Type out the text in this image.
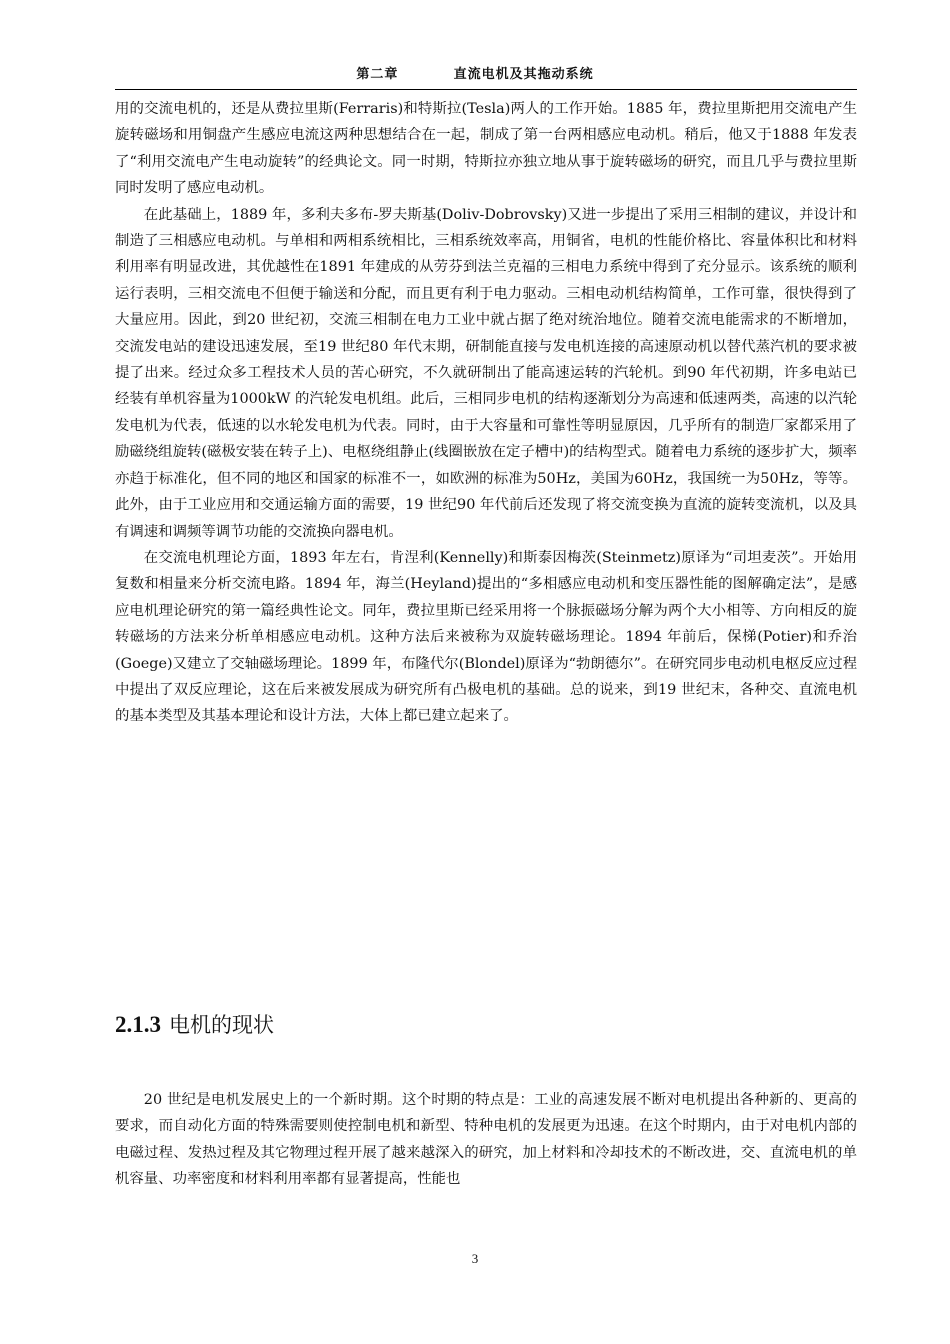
第二章          直流电机及其拖动系统

用的交流电机的，还是从费拉里斯(Ferraris)和特斯拉(Tesla)两人的工作开始。1885 年，费拉里斯把用交流电产生旋转磁场和用铜盘产生感应电流这两种思想结合在一起，制成了第一台两相感应电动机。稍后，他又于1888 年发表了“利用交流电产生电动旋转”的经典论文。同一时期，特斯拉亦独立地从事于旋转磁场的研究，而且几乎与费拉里斯同时发明了感应电动机。

在此基础上，1889 年，多利夫多布-罗夫斯基(Doliv-Dobrovsky)又进一步提出了采用三相制的建议，并设计和制造了三相感应电动机。与单相和两相系统相比，三相系统效率高，用铜省，电机的性能价格比、容量体积比和材料利用率有明显改进，其优越性在1891 年建成的从劳芬到法兰克福的三相电力系统中得到了充分显示。该系统的顺利运行表明，三相交流电不但便于输送和分配，而且更有利于电力驱动。三相电动机结构简单，工作可靠，很快得到了大量应用。因此，到20 世纪初，交流三相制在电力工业中就占据了绝对统治地位。随着交流电能需求的不断增加，交流发电站的建设迅速发展，至19 世纪80 年代末期，研制能直接与发电机连接的高速原动机以替代蒸汽机的要求被提了出来。经过众多工程技术人员的苦心研究，不久就研制出了能高速运转的汽轮机。到90 年代初期，许多电站已经装有单机容量为1000kW 的汽轮发电机组。此后，三相同步电机的结构逐渐划分为高速和低速两类，高速的以汽轮发电机为代表，低速的以水轮发电机为代表。同时，由于大容量和可靠性等明显原因，几乎所有的制造厂家都采用了励磁绕组旋转(磁极安装在转子上)、电枢绕组静止(线圈嵌放在定子槽中)的结构型式。随着电力系统的逐步扩大，频率亦趋于标准化，但不同的地区和国家的标准不一，如欧洲的标准为50Hz，美国为60Hz，我国统一为50Hz，等等。此外，由于工业应用和交通运输方面的需要，19 世纪90 年代前后还发现了将交流变换为直流的旋转变流机，以及具有调速和调频等调节功能的交流换向器电机。

在交流电机理论方面，1893 年左右，肯涅利(Kennelly)和斯泰因梅茨(Steinmetz)原译为“司坦麦茨”。开始用复数和相量来分析交流电路。1894 年，海兰(Heyland)提出的“多相感应电动机和变压器性能的图解确定法”，是感应电机理论研究的第一篇经典性论文。同年，费拉里斯已经采用将一个脉振磁场分解为两个大小相等、方向相反的旋转磁场的方法来分析单相感应电动机。这种方法后来被称为双旋转磁场理论。1894 年前后，保梯(Potier)和乔治(Goege)又建立了交轴磁场理论。1899 年，布隆代尔(Blondel)原译为“勃朗德尔”。在研究同步电动机电枢反应过程中提出了双反应理论，这在后来被发展成为研究所有凸极电机的基础。总的说来，到19 世纪末，各种交、直流电机的基本类型及其基本理论和设计方法，大体上都已建立起来了。

2.1.3 电机的现状

20 世纪是电机发展史上的一个新时期。这个时期的特点是：工业的高速发展不断对电机提出各种新的、更高的要求，而自动化方面的特殊需要则使控制电机和新型、特种电机的发展更为迅速。在这个时期内，由于对电机内部的电磁过程、发热过程及其它物理过程开展了越来越深入的研究，加上材料和冷却技术的不断改进，交、直流电机的单机容量、功率密度和材料利用率都有显著提高，性能也

3
